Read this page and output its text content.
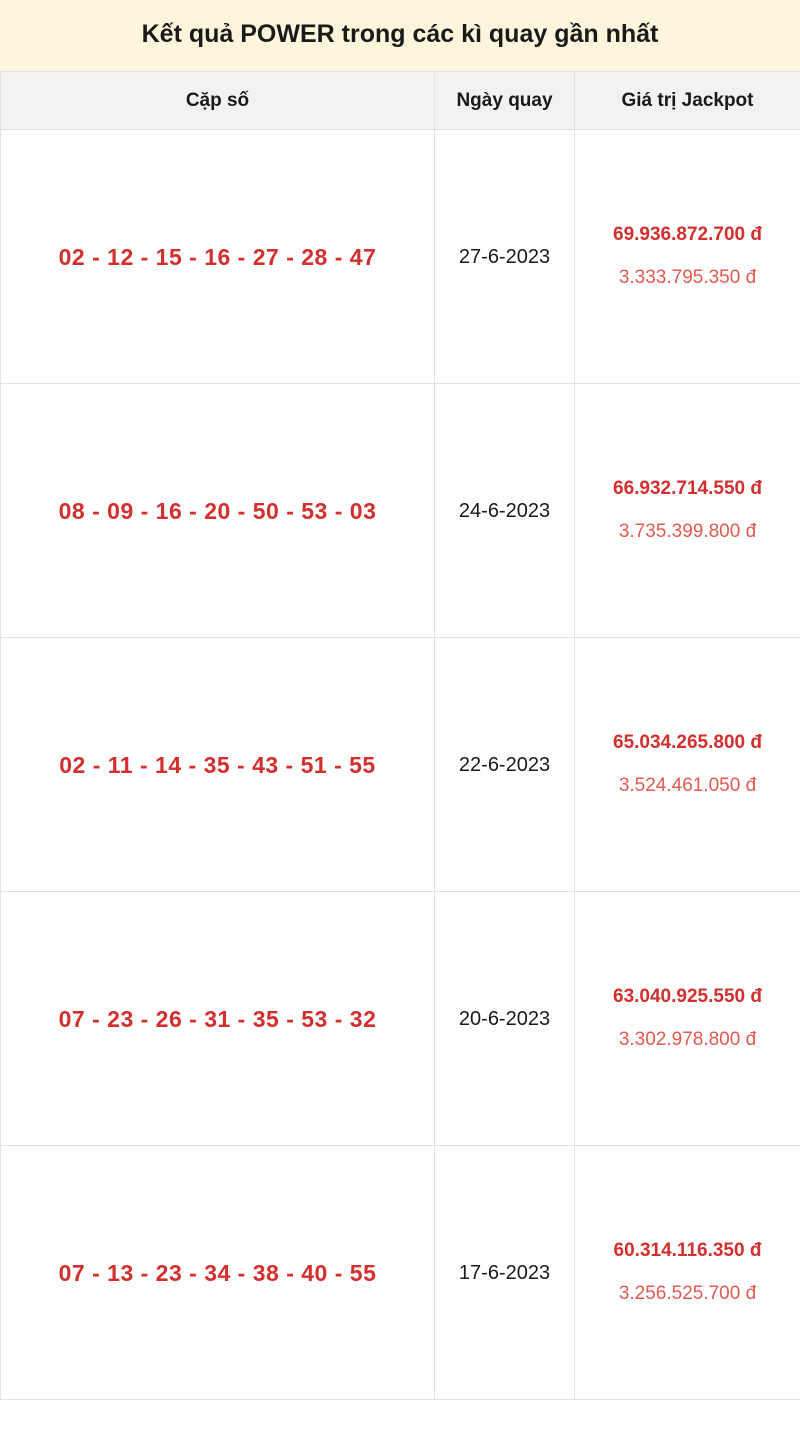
Kết quả POWER trong các kì quay gần nhất
Cặp số	Ngày quay	Giá trị Jackpot
02 - 12 - 15 - 16 - 27 - 28 - 47	27-6-2023	69.936.872.700 đ
3.333.795.350 đ

08 - 09 - 16 - 20 - 50 - 53 - 03	24-6-2023	66.932.714.550 đ
3.735.399.800 đ

02 - 11 - 14 - 35 - 43 - 51 - 55	22-6-2023	65.034.265.800 đ
3.524.461.050 đ

07 - 23 - 26 - 31 - 35 - 53 - 32	20-6-2023	63.040.925.550 đ
3.302.978.800 đ

07 - 13 - 23 - 34 - 38 - 40 - 55	17-6-2023	60.314.116.350 đ
3.256.525.700 đ
